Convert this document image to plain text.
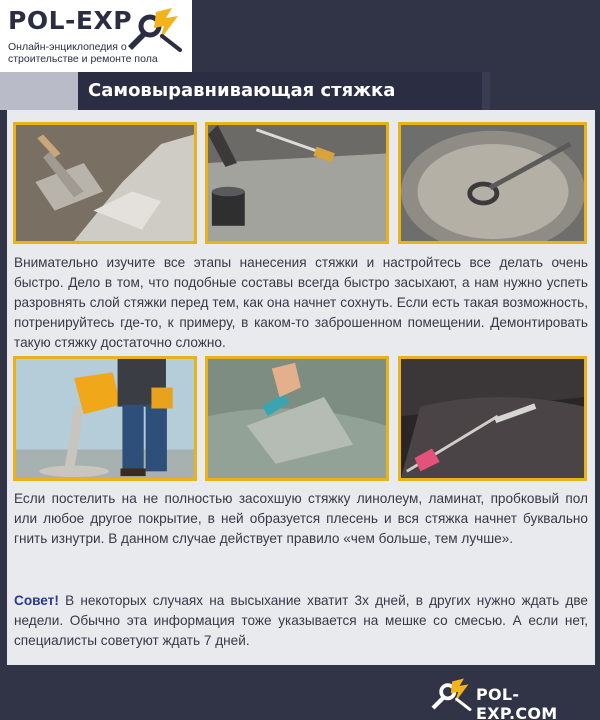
POL-EXP
Онлайн-энциклопедия о строительстве и ремонте пола
Самовыравнивающая стяжка
Внимательно изучите все этапы нанесения стяжки и настройтесь все делать очень быстро. Дело в том, что подобные составы всегда быстро засыхают, а нам нужно успеть разровнять слой стяжки перед тем, как она начнет сохнуть. Если есть такая возможность, потренируйтесь где-то, к примеру, в каком-то заброшенном помещении. Демонтировать такую стяжку достаточно сложно.
Если постелить на не полностью засохшую стяжку линолеум, ламинат, пробковый пол или любое другое покрытие, в ней образуется плесень и вся стяжка начнет буквально гнить изнутри. В данном случае действует правило «чем больше, тем лучше».
Совет! В некоторых случаях на высыхание хватит 3х дней, в других нужно ждать две недели. Обычно эта информация тоже указывается на мешке со смесью. А если нет, специалисты советуют ждать 7 дней.
POL-EXP.COM
